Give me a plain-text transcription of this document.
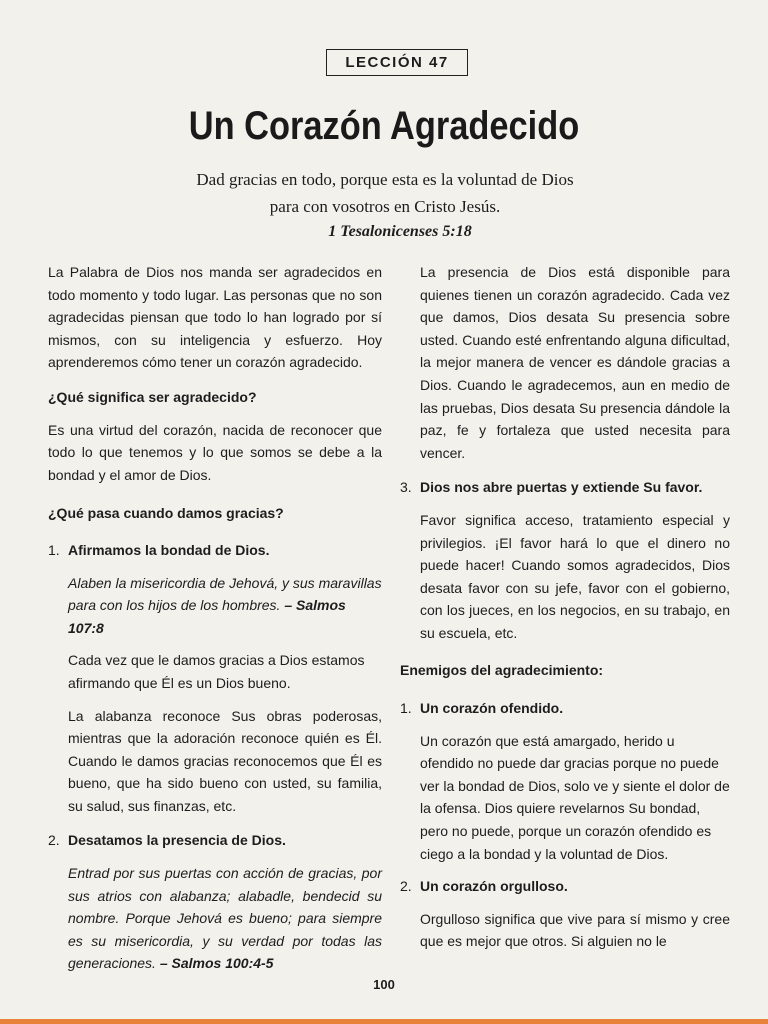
LECCIÓN 47
Un Corazón Agradecido
Dad gracias en todo, porque esta es la voluntad de Dios
para con vosotros en Cristo Jesús.
1 Tesalonicenses 5:18

La Palabra de Dios nos manda ser agradecidos en todo momento y todo lugar. Las personas que no son agradecidas piensan que todo lo han logrado por sí mismos, con su inteligencia y esfuerzo. Hoy aprenderemos cómo tener un corazón agradecido.

¿Qué significa ser agradecido?

Es una virtud del corazón, nacida de reconocer que todo lo que tenemos y lo que somos se debe a la bondad y el amor de Dios.

¿Qué pasa cuando damos gracias?

1. Afirmamos la bondad de Dios.

Alaben la misericordia de Jehová, y sus maravillas para con los hijos de los hombres. – Salmos 107:8

Cada vez que le damos gracias a Dios estamos afirmando que Él es un Dios bueno.

La alabanza reconoce Sus obras poderosas, mientras que la adoración reconoce quién es Él. Cuando le damos gracias reconocemos que Él es bueno, que ha sido bueno con usted, su familia, su salud, sus finanzas, etc.

2. Desatamos la presencia de Dios.

Entrad por sus puertas con acción de gracias, por sus atrios con alabanza; alabadle, bendecid su nombre. Porque Jehová es bueno; para siempre es su misericordia, y su verdad por todas las generaciones. – Salmos 100:4-5

La presencia de Dios está disponible para quienes tienen un corazón agradecido. Cada vez que damos, Dios desata Su presencia sobre usted. Cuando esté enfrentando alguna dificultad, la mejor manera de vencer es dándole gracias a Dios. Cuando le agradecemos, aun en medio de las pruebas, Dios desata Su presencia dándole la paz, fe y fortaleza que usted necesita para vencer.

3. Dios nos abre puertas y extiende Su favor.

Favor significa acceso, tratamiento especial y privilegios. ¡El favor hará lo que el dinero no puede hacer! Cuando somos agradecidos, Dios desata favor con su jefe, favor con el gobierno, con los jueces, en los negocios, en su trabajo, en su escuela, etc.

Enemigos del agradecimiento:

1. Un corazón ofendido.

Un corazón que está amargado, herido u ofendido no puede dar gracias porque no puede ver la bondad de Dios, solo ve y siente el dolor de la ofensa. Dios quiere revelarnos Su bondad, pero no puede, porque un corazón ofendido es ciego a la bondad y la voluntad de Dios.

2. Un corazón orgulloso.

Orgulloso significa que vive para sí mismo y cree que es mejor que otros. Si alguien no le

100
